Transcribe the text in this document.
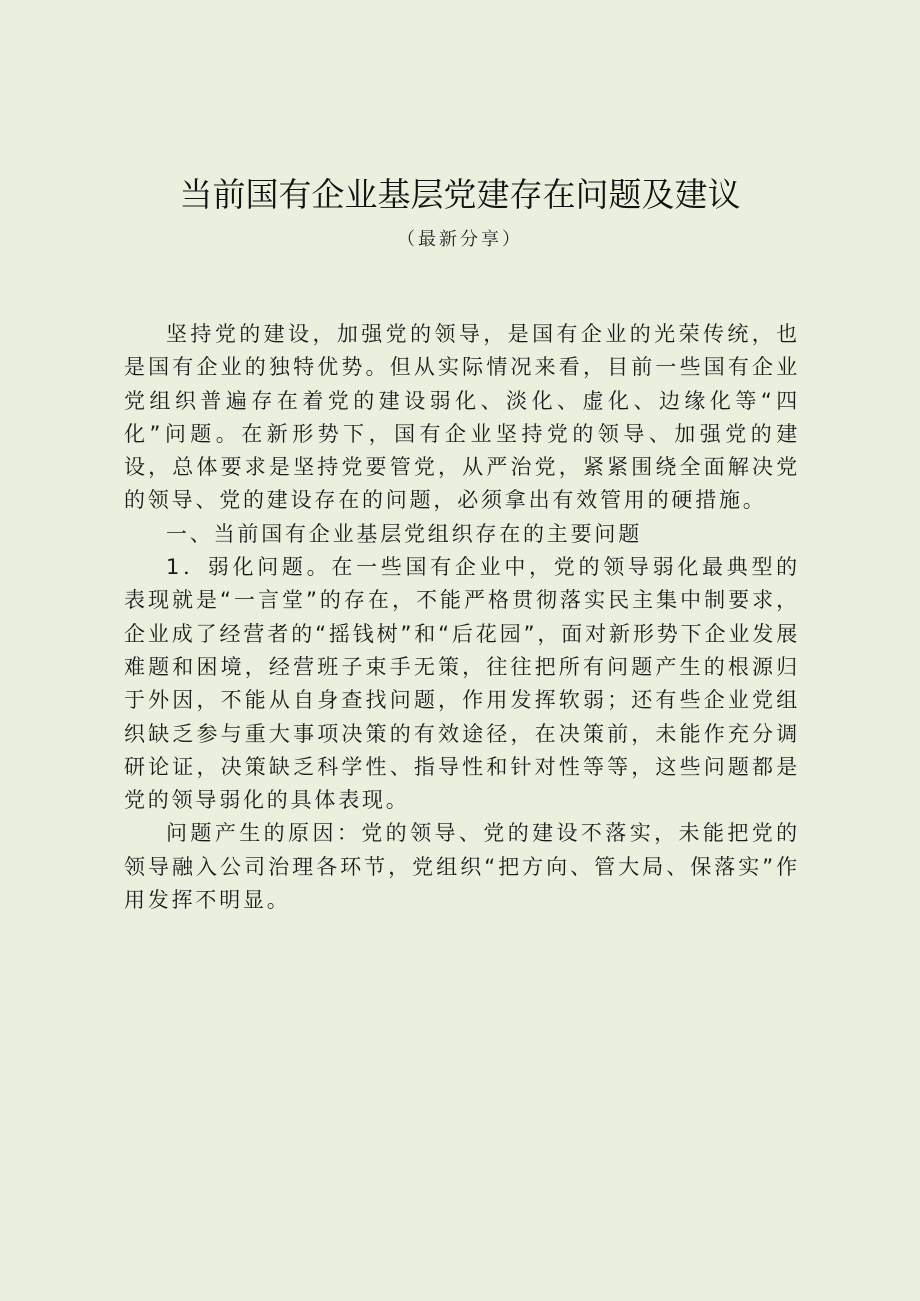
当前国有企业基层党建存在问题及建议
（最新分享）

坚持党的建设，加强党的领导，是国有企业的光荣传统，也是国有企业的独特优势。但从实际情况来看，目前一些国有企业党组织普遍存在着党的建设弱化、淡化、虚化、边缘化等“四化”问题。在新形势下，国有企业坚持党的领导、加强党的建设，总体要求是坚持党要管党，从严治党，紧紧围绕全面解决党的领导、党的建设存在的问题，必须拿出有效管用的硬措施。

一、当前国有企业基层党组织存在的主要问题

1．弱化问题。在一些国有企业中，党的领导弱化最典型的表现就是“一言堂”的存在，不能严格贯彻落实民主集中制要求，企业成了经营者的“摇钱树”和“后花园”，面对新形势下企业发展难题和困境，经营班子束手无策，往往把所有问题产生的根源归于外因，不能从自身查找问题，作用发挥软弱；还有些企业党组织缺乏参与重大事项决策的有效途径，在决策前，未能作充分调研论证，决策缺乏科学性、指导性和针对性等等，这些问题都是党的领导弱化的具体表现。

问题产生的原因：党的领导、党的建设不落实，未能把党的领导融入公司治理各环节，党组织“把方向、管大局、保落实”作用发挥不明显。
